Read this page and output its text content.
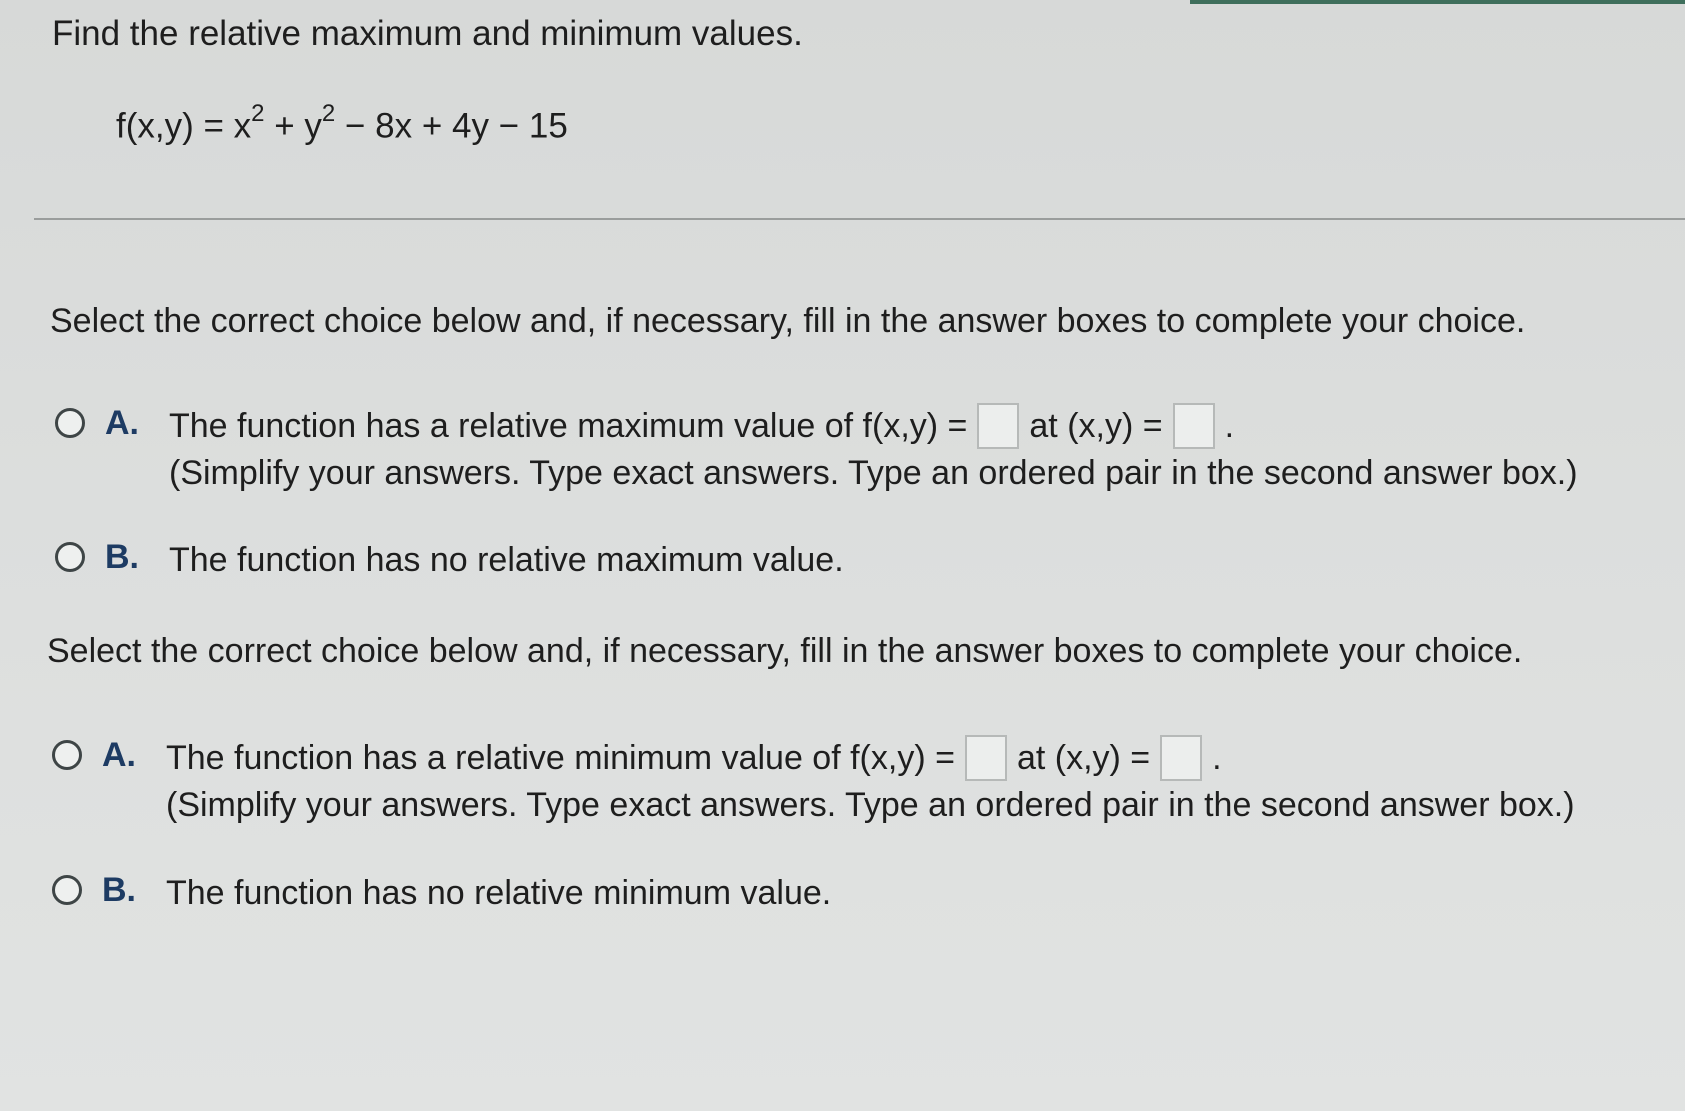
Find the relative maximum and minimum values.
$f(x,y) = x^2 + y^2 - 8x + 4y - 15$
Select the correct choice below and, if necessary, fill in the answer boxes to complete your choice.
A. The function has a relative maximum value of f(x,y) = at (x,y) = .
(Simplify your answers. Type exact answers. Type an ordered pair in the second answer box.)
B. The function has no relative maximum value.
Select the correct choice below and, if necessary, fill in the answer boxes to complete your choice.
A. The function has a relative minimum value of f(x,y) = at (x,y) = .
(Simplify your answers. Type exact answers. Type an ordered pair in the second answer box.)
B. The function has no relative minimum value.
